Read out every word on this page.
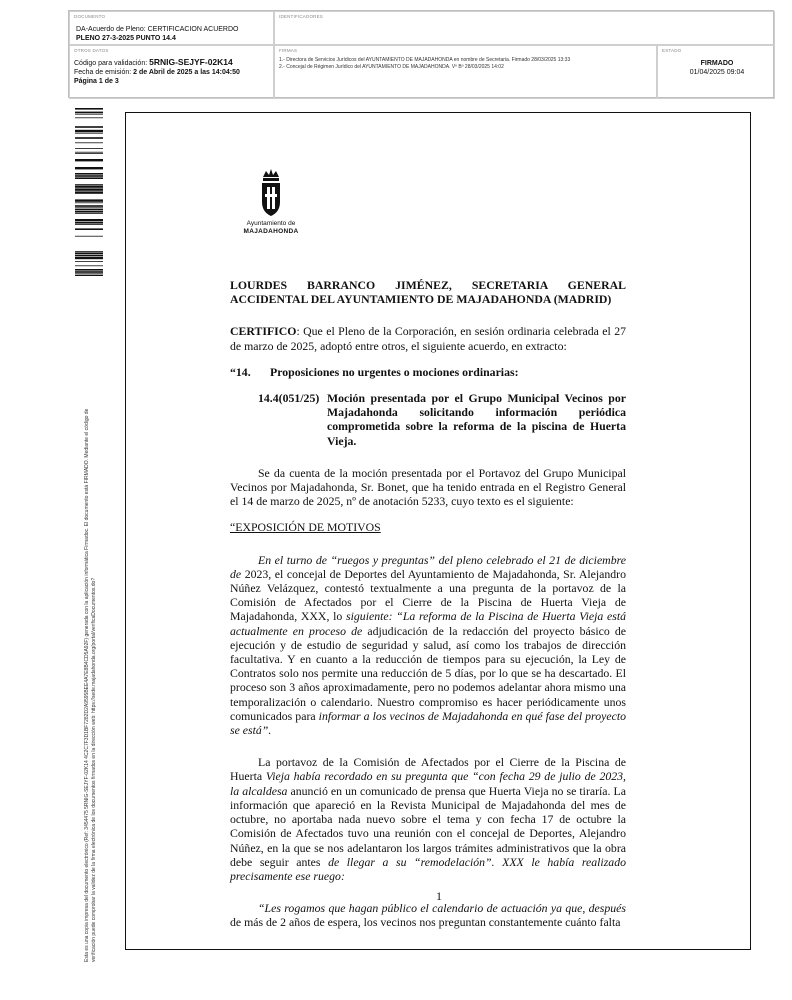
DOCUMENTO
DA-Acuerdo de Pleno: CERTIFICACION ACUERDO
PLENO 27-3-2025 PUNTO 14.4
IDENTIFICADORES
OTROS DATOS
Código para validación: 5RNIG-SEJYF-02K14
Fecha de emisión: 2 de Abril de 2025 a las 14:04:50
Página 1 de 3
FIRMAS
1.- Directora de Servicios Jurídicos del AYUNTAMIENTO DE MAJADAHONDA en nombre de Secretaria. Firmado 28/03/2025 13:33
2.- Concejal de Régimen Jurídico del AYUNTAMIENTO DE MAJADAHONDA. Vº Bº 28/03/2025 14:02
ESTADO
FIRMADO
01/04/2025 09:04
Esta es una copia impresa del documento electrónico (Ref: 3454475 5RNIG-SEJYF-02K14 4C2C7F3D1BF7282D2A9595BEE4A7E8B4CD5A92F) generada con la aplicación informática Firmadoc. El documento está FIRMADO. Mediante el código de verificación puede comprobar la validez de la firma electrónica de los documentos firmados en la dirección web: https://sede.majadahonda.org/portal/verificaDocumentos.do?
Ayuntamiento de
MAJADAHONDA

LOURDES BARRANCO JIMÉNEZ, SECRETARIA GENERAL

ACCIDENTAL DEL AYUNTAMIENTO DE MAJADAHONDA (MADRID)

CERTIFICO: Que el Pleno de la Corporación, en sesión ordinaria celebrada el 27 de marzo de 2025, adoptó entre otros, el siguiente acuerdo, en extracto:

“14.	Proposiciones no urgentes o mociones ordinarias:
14.4(051/25) Moción presentada por el Grupo Municipal Vecinos por Majadahonda solicitando información periódica comprometida sobre la reforma de la piscina de Huerta Vieja.

Se da cuenta de la moción presentada por el Portavoz del Grupo Municipal Vecinos por Majadahonda, Sr. Bonet, que ha tenido entrada en el Registro General el 14 de marzo de 2025, nº de anotación 5233, cuyo texto es el siguiente:

“EXPOSICIÓN DE MOTIVOS

En el turno de “ruegos y preguntas” del pleno celebrado el 21 de diciembre de 2023, el concejal de Deportes del Ayuntamiento de Majadahonda, Sr. Alejandro Núñez Velázquez, contestó textualmente a una pregunta de la portavoz de la Comisión de Afectados por el Cierre de la Piscina de Huerta Vieja de Majadahonda, XXX, lo siguiente: “La reforma de la Piscina de Huerta Vieja está actualmente en proceso de adjudicación de la redacción del proyecto básico de ejecución y de estudio de seguridad y salud, así como los trabajos de dirección facultativa. Y en cuanto a la reducción de tiempos para su ejecución, la Ley de Contratos solo nos permite una reducción de 5 días, por lo que se ha descartado. El proceso son 3 años aproximadamente, pero no podemos adelantar ahora mismo una temporalización o calendario. Nuestro compromiso es hacer periódicamente unos comunicados para informar a los vecinos de Majadahonda en qué fase del proyecto se está”.

La portavoz de la Comisión de Afectados por el Cierre de la Piscina de Huerta Vieja había recordado en su pregunta que “con fecha 29 de julio de 2023, la alcaldesa anunció en un comunicado de prensa que Huerta Vieja no se tiraría. La información que apareció en la Revista Municipal de Majadahonda del mes de octubre, no aportaba nada nuevo sobre el tema y con fecha 17 de octubre la Comisión de Afectados tuvo una reunión con el concejal de Deportes, Alejandro Núñez, en la que se nos adelantaron los largos trámites administrativos que la obra debe seguir antes de llegar a su “remodelación”. XXX le había realizado precisamente ese ruego:

“Les rogamos que hagan público el calendario de actuación ya que, después de más de 2 años de espera, los vecinos nos preguntan constantemente cuánto falta

1
